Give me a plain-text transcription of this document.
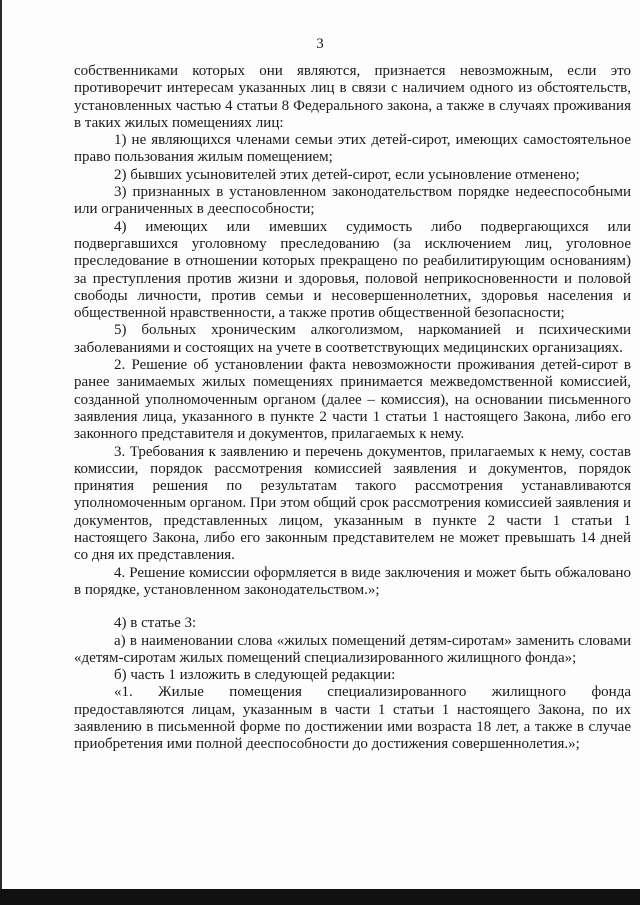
3

собственниками которых они являются, признается невозможным, если это противоречит интересам указанных лиц в связи с наличием одного из обстоятельств, установленных частью 4 статьи 8 Федерального закона, а также в случаях проживания в таких жилых помещениях лиц:

1) не являющихся членами семьи этих детей-сирот, имеющих самостоятельное право пользования жилым помещением;

2) бывших усыновителей этих детей-сирот, если усыновление отменено;

3) признанных в установленном законодательством порядке недееспособными или ограниченных в дееспособности;

4) имеющих или имевших судимость либо подвергающихся или подвергавшихся уголовному преследованию (за исключением лиц, уголовное преследование в отношении которых прекращено по реабилитирующим основаниям) за преступления против жизни и здоровья, половой неприкосновенности и половой свободы личности, против семьи и несовершеннолетних, здоровья населения и общественной нравственности, а также против общественной безопасности;

5) больных хроническим алкоголизмом, наркоманией и психическими заболеваниями и состоящих на учете в соответствующих медицинских организациях.

2. Решение об установлении факта невозможности проживания детей-сирот в ранее занимаемых жилых помещениях принимается межведомственной комиссией, созданной уполномоченным органом (далее – комиссия), на основании письменного заявления лица, указанного в пункте 2 части 1 статьи 1 настоящего Закона, либо его законного представителя и документов, прилагаемых к нему.

3. Требования к заявлению и перечень документов, прилагаемых к нему, состав комиссии, порядок рассмотрения комиссией заявления и документов, порядок принятия решения по результатам такого рассмотрения устанавливаются уполномоченным органом. При этом общий срок рассмотрения комиссией заявления и документов, представленных лицом, указанным в пункте 2 части 1 статьи 1 настоящего Закона, либо его законным представителем не может превышать 14 дней со дня их представления.

4. Решение комиссии оформляется в виде заключения и может быть обжаловано в порядке, установленном законодательством.»;

4) в статье 3:

а) в наименовании слова «жилых помещений детям-сиротам» заменить словами «детям-сиротам жилых помещений специализированного жилищного фонда»;

б) часть 1 изложить в следующей редакции:

«1. Жилые помещения специализированного жилищного фонда предоставляются лицам, указанным в части 1 статьи 1 настоящего Закона, по их заявлению в письменной форме по достижении ими возраста 18 лет, а также в случае приобретения ими полной дееспособности до достижения совершеннолетия.»;
